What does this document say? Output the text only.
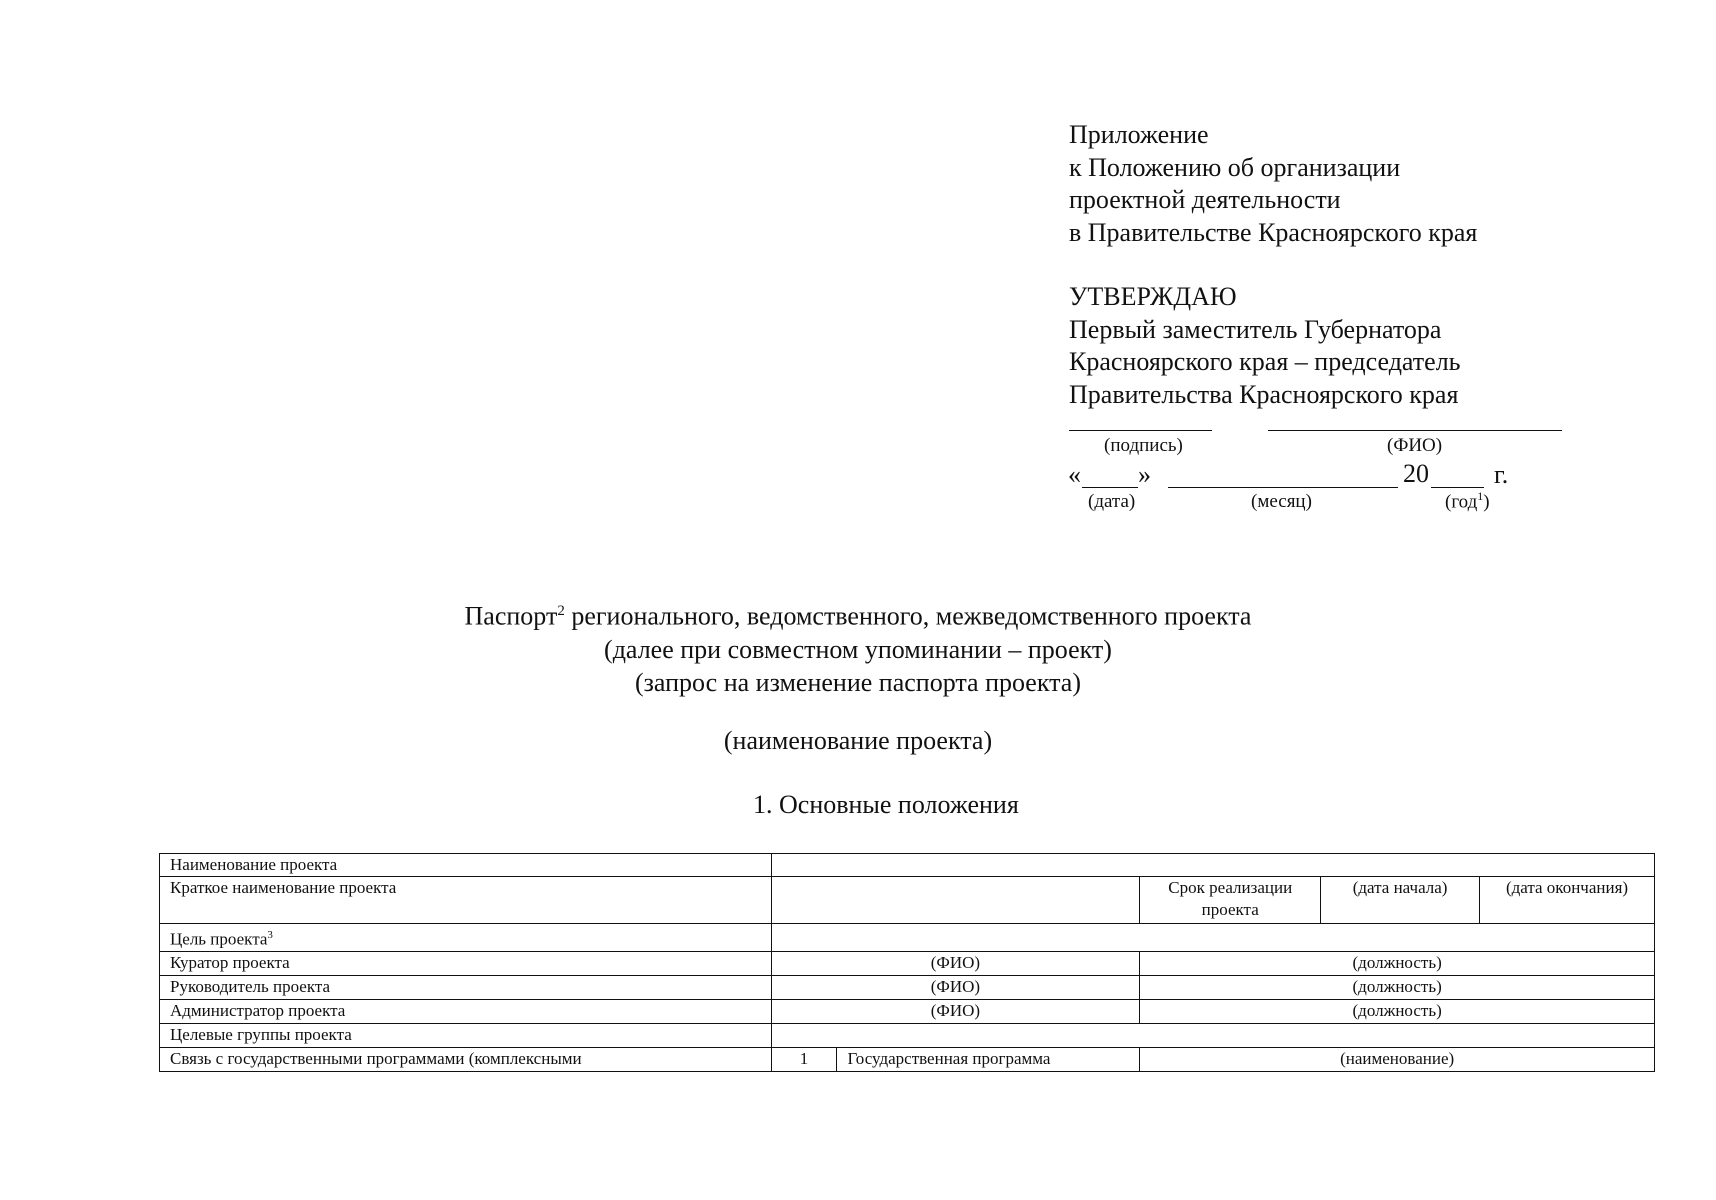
Приложение
к Положению об организации
проектной деятельности
в Правительстве Красноярского края
УТВЕРЖДАЮ
Первый заместитель Губернатора
Красноярского края – председатель
Правительства Красноярского края
(подпись)	(ФИО)
« »	20	г.
(дата)	(месяц)	(год$^1$)
Паспорт$^2$ регионального, ведомственного, межведомственного проекта
(далее при совместном упоминании – проект)
(запрос на изменение паспорта проекта)
(наименование проекта)
1. Основные положения
Наименование проекта					
Краткое наименование проекта			Срок реализации проекта	(дата начала)	(дата окончания)
Цель проекта$^3$	
Куратор проекта	(ФИО)		(должность)		
Руководитель проекта	(ФИО)		(должность)		
Администратор проекта	(ФИО)		(должность)		
Целевые группы проекта					
Связь с государственными программами (комплексными	1	Государственная программа	(наименование)		
